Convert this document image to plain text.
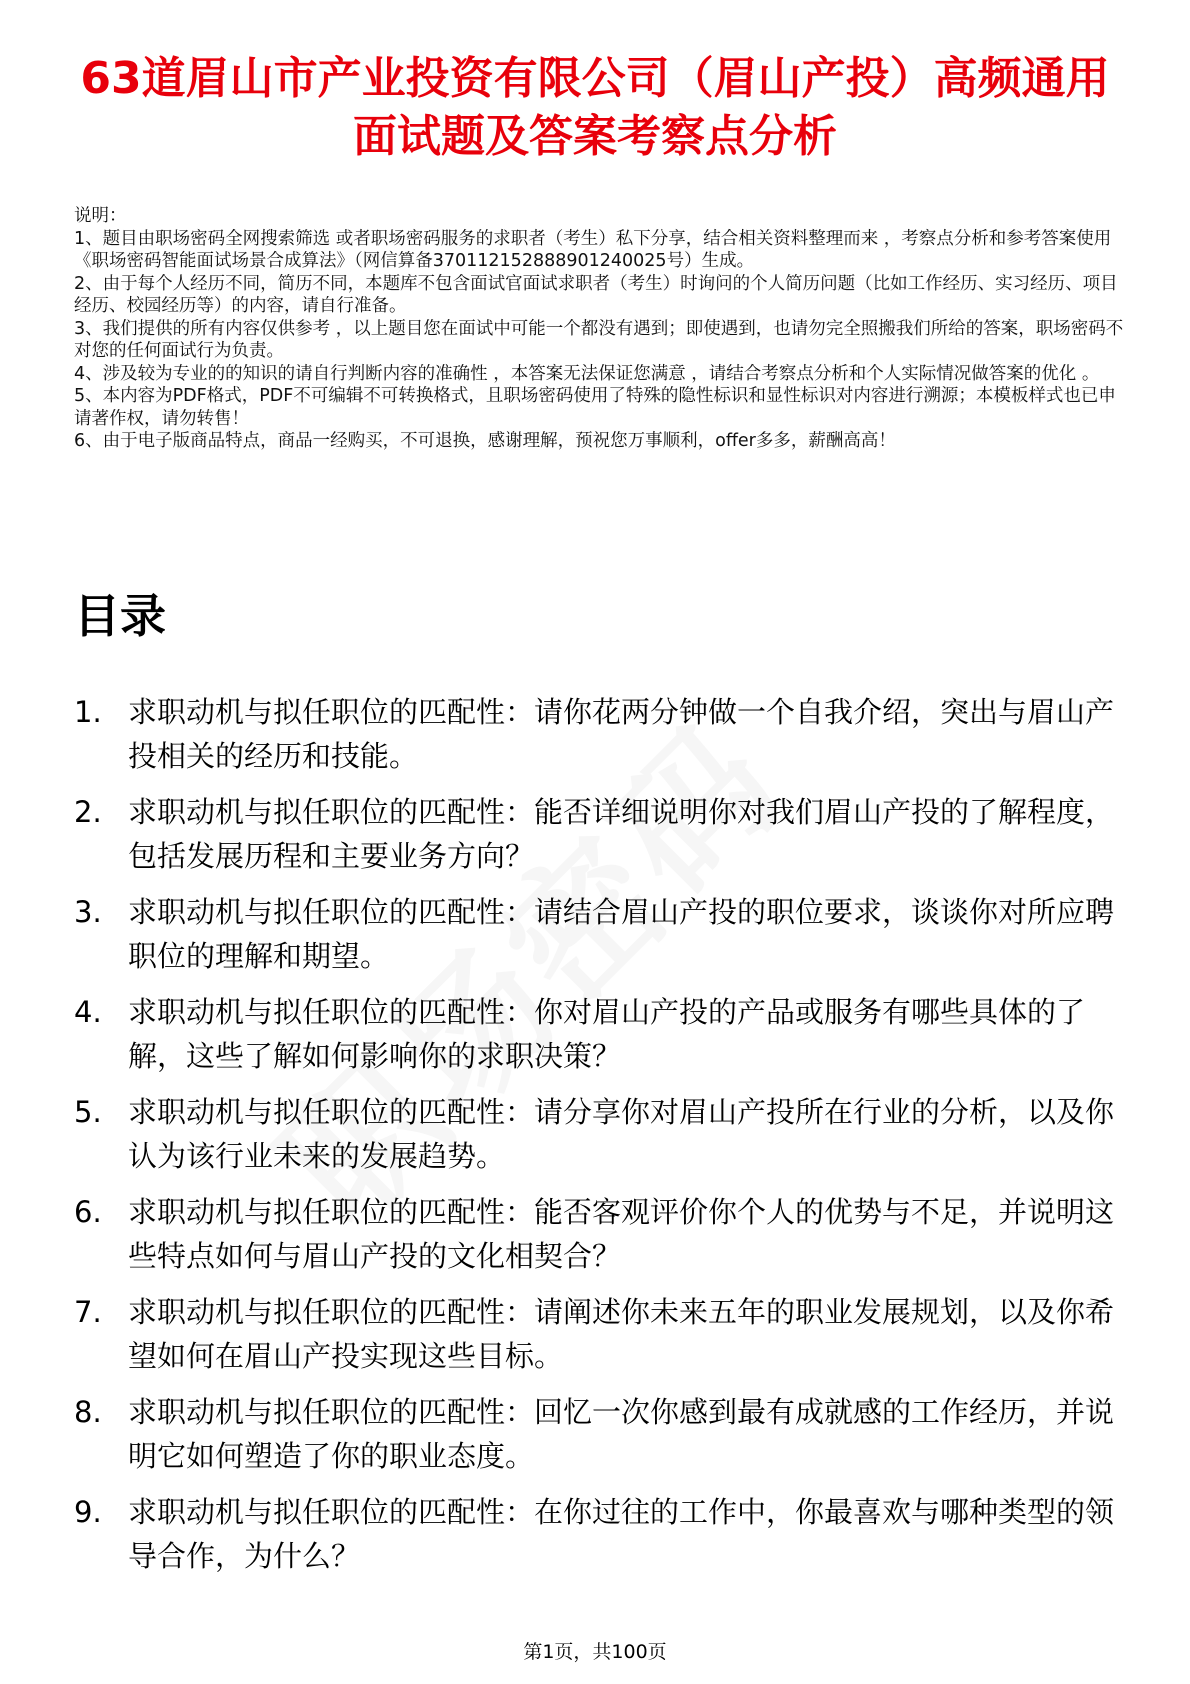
63道眉山市产业投资有限公司（眉山产投）高频通用面试题及答案考察点分析

说明：

1、题目由职场密码全网搜索筛选 或者职场密码服务的求职者（考生）私下分享，结合相关资料整理而来 ，考察点分析和参考答案使用《职场密码智能面试场景合成算法》（网信算备370112152888901240025号）生成。

2、由于每个人经历不同，简历不同，本题库不包含面试官面试求职者（考生）时询问的个人简历问题（比如工作经历、实习经历、项目经历、校园经历等）的内容，请自行准备。

3、我们提供的所有内容仅供参考 ，以上题目您在面试中可能一个都没有遇到；即使遇到，也请勿完全照搬我们所给的答案，职场密码不对您的任何面试行为负责。

4、涉及较为专业的的知识的请自行判断内容的准确性 ，本答案无法保证您满意 ，请结合考察点分析和个人实际情况做答案的优化 。

5、本内容为PDF格式，PDF不可编辑不可转换格式，且职场密码使用了特殊的隐性标识和显性标识对内容进行溯源；本模板样式也已申请著作权，请勿转售！

6、由于电子版商品特点，商品一经购买，不可退换，感谢理解，预祝您万事顺利，offer多多，薪酬高高！

目录
1. 求职动机与拟任职位的匹配性：请你花两分钟做一个自我介绍，突出与眉山产投相关的经历和技能。
2. 求职动机与拟任职位的匹配性：能否详细说明你对我们眉山产投的了解程度，包括发展历程和主要业务方向？
3. 求职动机与拟任职位的匹配性：请结合眉山产投的职位要求，谈谈你对所应聘职位的理解和期望。
4. 求职动机与拟任职位的匹配性：你对眉山产投的产品或服务有哪些具体的了解，这些了解如何影响你的求职决策？
5. 求职动机与拟任职位的匹配性：请分享你对眉山产投所在行业的分析，以及你认为该行业未来的发展趋势。
6. 求职动机与拟任职位的匹配性：能否客观评价你个人的优势与不足，并说明这些特点如何与眉山产投的文化相契合？
7. 求职动机与拟任职位的匹配性：请阐述你未来五年的职业发展规划，以及你希望如何在眉山产投实现这些目标。
8. 求职动机与拟任职位的匹配性：回忆一次你感到最有成就感的工作经历，并说明它如何塑造了你的职业态度。
9. 求职动机与拟任职位的匹配性：在你过往的工作中，你最喜欢与哪种类型的领导合作，为什么？
第1页，共100页
